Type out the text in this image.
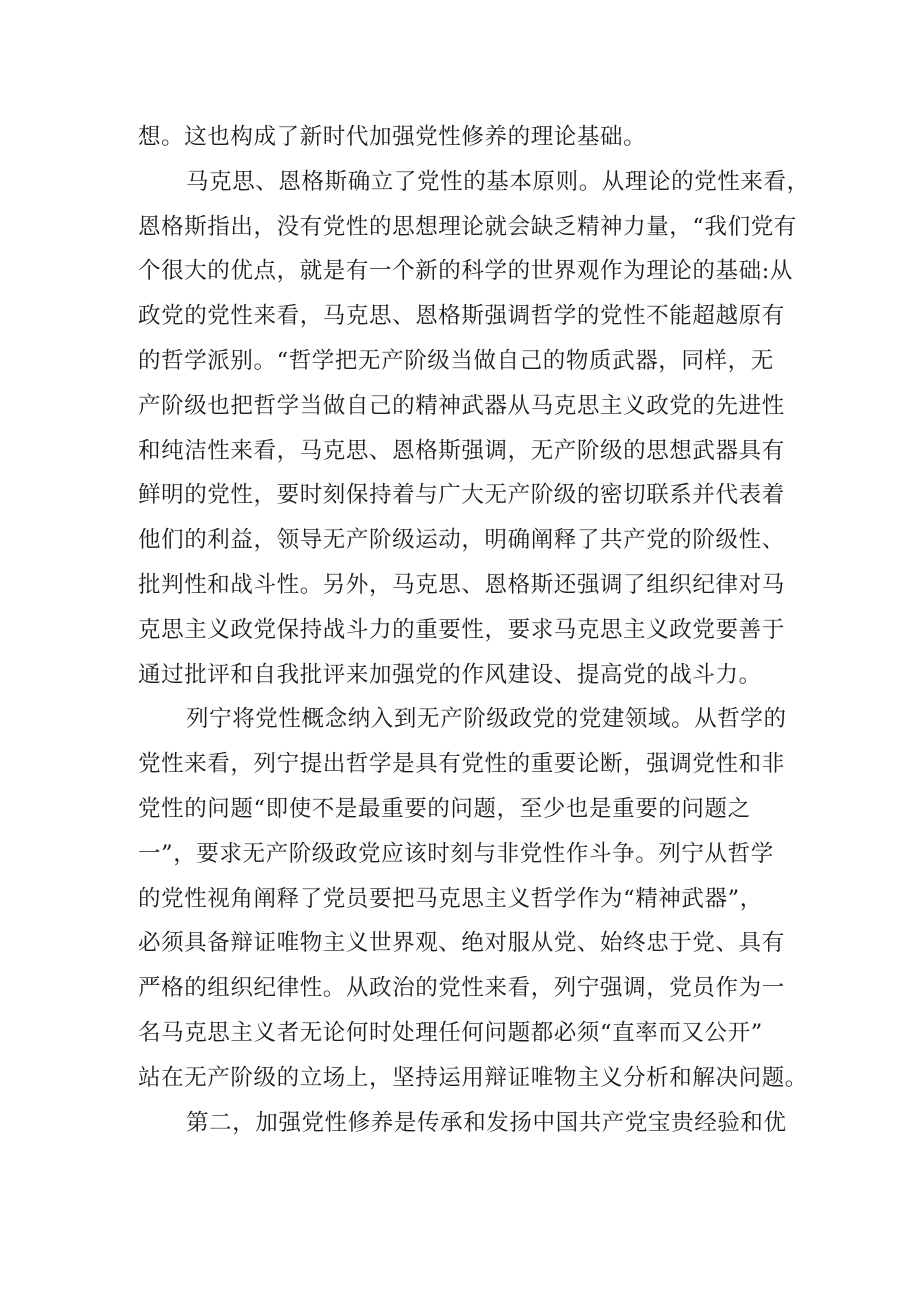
想。这也构成了新时代加强党性修养的理论基础。
马克思、恩格斯确立了党性的基本原则。从理论的党性来看，
恩格斯指出，没有党性的思想理论就会缺乏精神力量，“我们党有
个很大的优点，就是有一个新的科学的世界观作为理论的基础:从
政党的党性来看，马克思、恩格斯强调哲学的党性不能超越原有
的哲学派别。“哲学把无产阶级当做自己的物质武器，同样，无
产阶级也把哲学当做自己的精神武器从马克思主义政党的先进性
和纯洁性来看，马克思、恩格斯强调，无产阶级的思想武器具有
鲜明的党性，要时刻保持着与广大无产阶级的密切联系并代表着
他们的利益，领导无产阶级运动，明确阐释了共产党的阶级性、
批判性和战斗性。另外，马克思、恩格斯还强调了组织纪律对马
克思主义政党保持战斗力的重要性，要求马克思主义政党要善于
通过批评和自我批评来加强党的作风建设、提高党的战斗力。
列宁将党性概念纳入到无产阶级政党的党建领域。从哲学的
党性来看，列宁提出哲学是具有党性的重要论断，强调党性和非
党性的问题“即使不是最重要的问题，至少也是重要的问题之
一”，要求无产阶级政党应该时刻与非党性作斗争。列宁从哲学
的党性视角阐释了党员要把马克思主义哲学作为“精神武器”，
必须具备辩证唯物主义世界观、绝对服从党、始终忠于党、具有
严格的组织纪律性。从政治的党性来看，列宁强调，党员作为一
名马克思主义者无论何时处理任何问题都必须“直率而又公开”
站在无产阶级的立场上，坚持运用辩证唯物主义分析和解决问题。
第二，加强党性修养是传承和发扬中国共产党宝贵经验和优
